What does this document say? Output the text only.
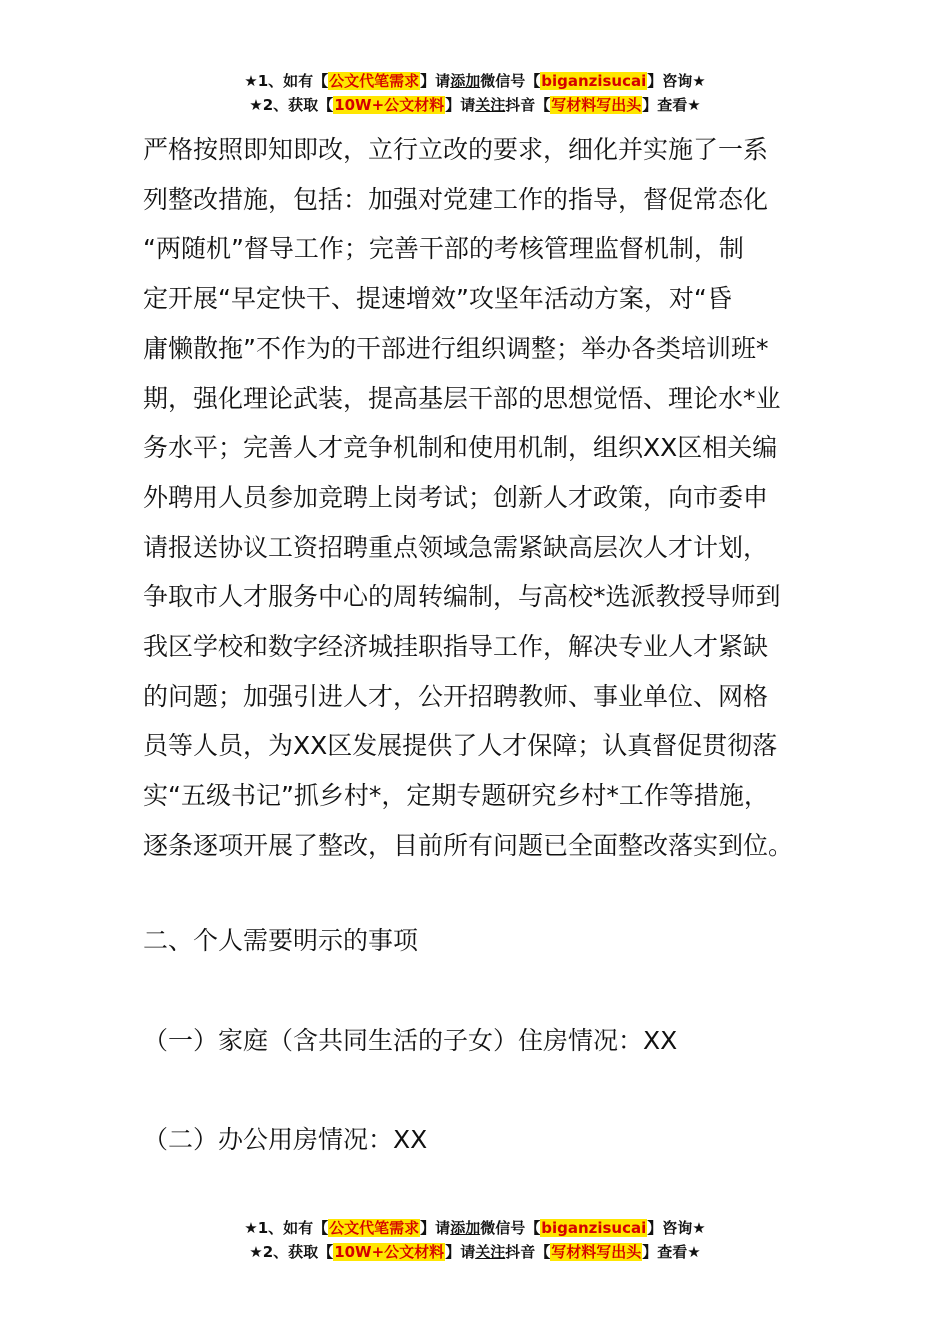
★1、如有【公文代笔需求】请添加微信号【biganzisucai】咨询★
★2、获取【10W+公文材料】请关注抖音【写材料写出头】查看★
严格按照即知即改，立行立改的要求，细化并实施了一系
列整改措施，包括：加强对党建工作的指导，督促常态化
“两随机”督导工作；完善干部的考核管理监督机制，制
定开展“早定快干、提速增效”攻坚年活动方案，对“昏
庸懒散拖”不作为的干部进行组织调整；举办各类培训班*
期，强化理论武装，提高基层干部的思想觉悟、理论水*业
务水平；完善人才竞争机制和使用机制，组织XX区相关编
外聘用人员参加竞聘上岗考试；创新人才政策，向市委申
请报送协议工资招聘重点领域急需紧缺高层次人才计划，
争取市人才服务中心的周转编制，与高校*选派教授导师到
我区学校和数字经济城挂职指导工作，解决专业人才紧缺
的问题；加强引进人才，公开招聘教师、事业单位、网格
员等人员，为XX区发展提供了人才保障；认真督促贯彻落
实“五级书记”抓乡村*，定期专题研究乡村*工作等措施，
逐条逐项开展了整改，目前所有问题已全面整改落实到位。
二、个人需要明示的事项
（一）家庭（含共同生活的子女）住房情况：XX
（二）办公用房情况：XX
★1、如有【公文代笔需求】请添加微信号【biganzisucai】咨询★
★2、获取【10W+公文材料】请关注抖音【写材料写出头】查看★
